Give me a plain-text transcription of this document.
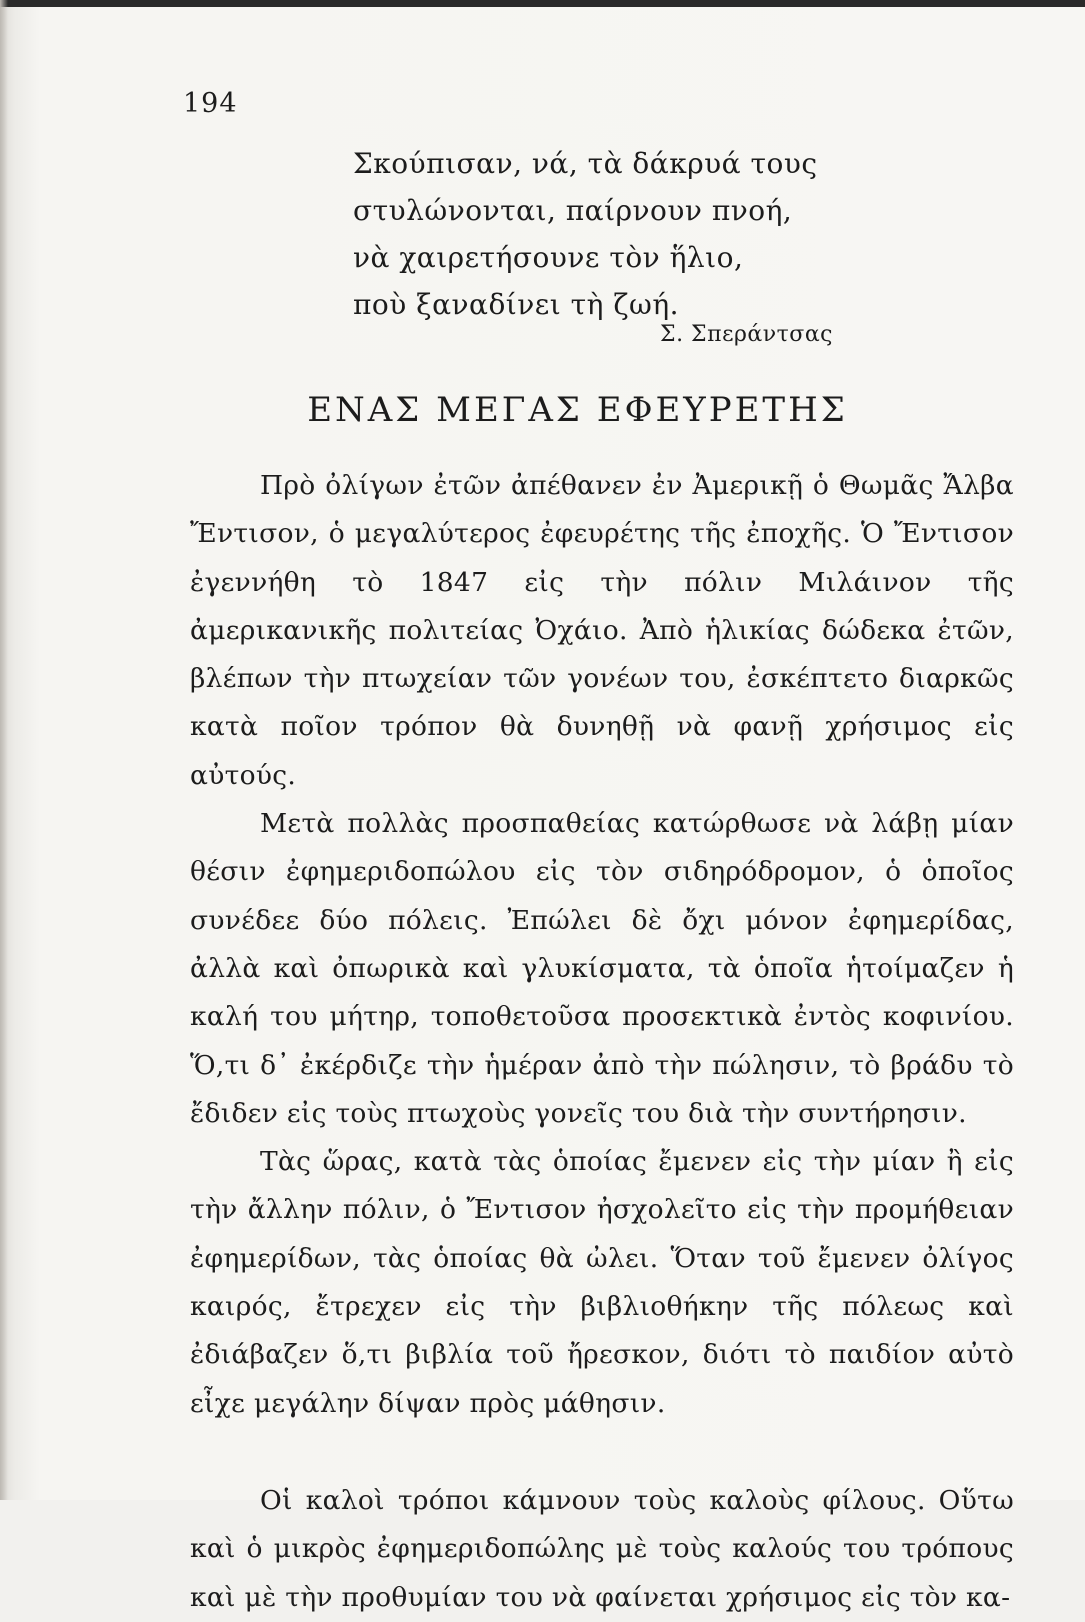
194
Σκούπισαν, νά, τὰ δάκρυά τους
στυλώνονται, παίρνουν πνοή,
νὰ χαιρετήσουνε τὸν ἥλιο,
ποὺ ξαναδίνει τὴ ζωή.
Σ. Σπεράντσας
ΕΝΑΣ ΜΕΓΑΣ ΕΦΕΥΡΕΤΗΣ

Πρὸ ὀλίγων ἐτῶν ἀπέθανεν ἐν Ἀμερικῇ ὁ Θωμᾶς Ἄλβα Ἔντισον, ὁ μεγαλύτερος ἐφευρέτης τῆς ἐποχῆς. Ὁ Ἔντισον ἐγεννήθη τὸ 1847 εἰς τὴν πόλιν Μιλάινον τῆς ἀμερικανικῆς πολιτείας Ὀχάιο. Ἀπὸ ἡλικίας δώδεκα ἐτῶν, βλέπων τὴν πτωχείαν τῶν γονέων του, ἐσκέπτετο διαρκῶς κατὰ ποῖον τρόπον θὰ δυνηθῇ νὰ φανῇ χρήσιμος εἰς αὐτούς.

Μετὰ πολλὰς προσπαθείας κατώρθωσε νὰ λάβῃ μίαν θέσιν ἐφημεριδοπώλου εἰς τὸν σιδηρόδρομον, ὁ ὁποῖος συνέδεε δύο πόλεις. Ἐπώλει δὲ ὄχι μόνον ἐφημερίδας, ἀλλὰ καὶ ὀπωρικὰ καὶ γλυκίσματα, τὰ ὁποῖα ἡτοίμαζεν ἡ καλή του μήτηρ, τοποθετοῦσα προσεκτικὰ ἐντὸς κοφινίου. Ὅ,τι δ᾽ ἐκέρδιζε τὴν ἡμέραν ἀπὸ τὴν πώλησιν, τὸ βράδυ τὸ ἔδιδεν εἰς τοὺς πτωχοὺς γονεῖς του διὰ τὴν συντήρησιν.

Τὰς ὥρας, κατὰ τὰς ὁποίας ἔμενεν εἰς τὴν μίαν ἢ εἰς τὴν ἄλλην πόλιν, ὁ Ἔντισον ἠσχολεῖτο εἰς τὴν προμήθειαν ἐφημερίδων, τὰς ὁποίας θὰ ὠλει. Ὅταν τοῦ ἔμενεν ὀλίγος καιρός, ἔτρεχεν εἰς τὴν βιβλιοθήκην τῆς πόλεως καὶ ἐδιάβαζεν ὅ,τι βιβλία τοῦ ἤρεσκον, διότι τὸ παιδίον αὐτὸ εἶχε μεγάλην δίψαν πρὸς μάθησιν.

Οἱ καλοὶ τρόποι κάμνουν τοὺς καλοὺς φίλους. Οὕτω καὶ ὁ μικρὸς ἐφημεριδοπώλης μὲ τοὺς καλούς του τρόπους καὶ μὲ τὴν προθυμίαν του νὰ φαίνεται χρήσιμος εἰς τὸν κα-
